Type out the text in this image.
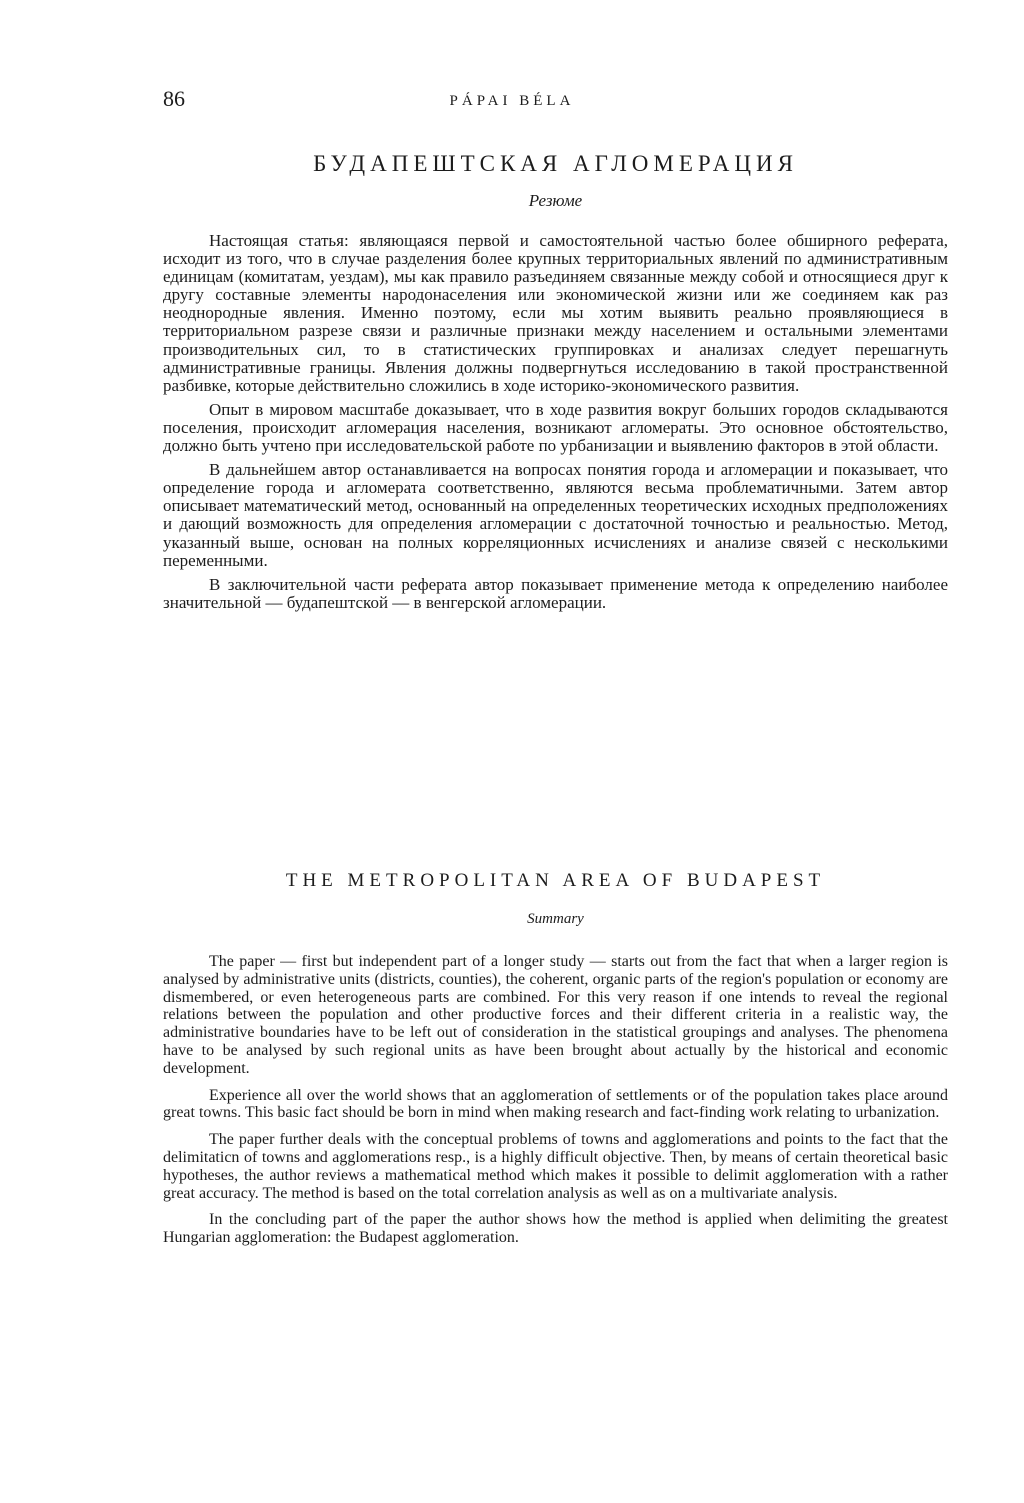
86	PÁPAI BÉLA

БУДАПЕШТСКАЯ АГЛОМЕРАЦИЯ

Резюме

Настоящая статья: являющаяся первой и самостоятельной частью более обширного реферата, исходит из того, что в случае разделения более крупных территориальных явлений по административным единицам (комитатам, уездам), мы как правило разъединяем связанные между собой и относящиеся друг к другу составные элементы народонаселения или экономической жизни или же соединяем как раз неоднородные явления. Именно поэтому, если мы хотим выявить реально проявляющиеся в территориальном разрезе связи и различные признаки между населением и остальными элементами производительных сил, то в статистических группировках и анализах следует перешагнуть административные границы. Явления должны подвергнуться исследованию в такой пространственной разбивке, которые действительно сложились в ходе историко-экономического развития.

Опыт в мировом масштабе доказывает, что в ходе развития вокруг больших городов складываются поселения, происходит агломерация населения, возникают агломераты. Это основное обстоятельство, должно быть учтено при исследовательской работе по урбанизации и выявлению факторов в этой области.

В дальнейшем автор останавливается на вопросах понятия города и агломерации и показывает, что определение города и агломерата соответственно, являются весьма проблематичными. Затем автор описывает математический метод, основанный на определенных теоретических исходных предположениях и дающий возможность для определения агломерации с достаточной точностью и реальностью. Метод, указанный выше, основан на полных корреляционных исчислениях и анализе связей с несколькими переменными.

В заключительной части реферата автор показывает применение метода к определению наиболее значительной — будапештской — в венгерской агломерации.

THE METROPOLITAN AREA OF BUDAPEST

Summary

The paper — first but independent part of a longer study — starts out from the fact that when a larger region is analysed by administrative units (districts, counties), the coherent, organic parts of the region's population or economy are dismembered, or even heterogeneous parts are combined. For this very reason if one intends to reveal the regional relations between the population and other productive forces and their different criteria in a realistic way, the administrative boundaries have to be left out of consideration in the statistical groupings and analyses. The phenomena have to be analysed by such regional units as have been brought about actually by the historical and economic development.

Experience all over the world shows that an agglomeration of settlements or of the population takes place around great towns. This basic fact should be born in mind when making research and fact-finding work relating to urbanization.

The paper further deals with the conceptual problems of towns and agglomerations and points to the fact that the delimitaticn of towns and agglomerations resp., is a highly difficult objective. Then, by means of certain theoretical basic hypotheses, the author reviews a mathematical method which makes it possible to delimit agglomeration with a rather great accuracy. The method is based on the total correlation analysis as well as on a multivariate analysis.

In the concluding part of the paper the author shows how the method is applied when delimiting the greatest Hungarian agglomeration: the Budapest agglomeration.
